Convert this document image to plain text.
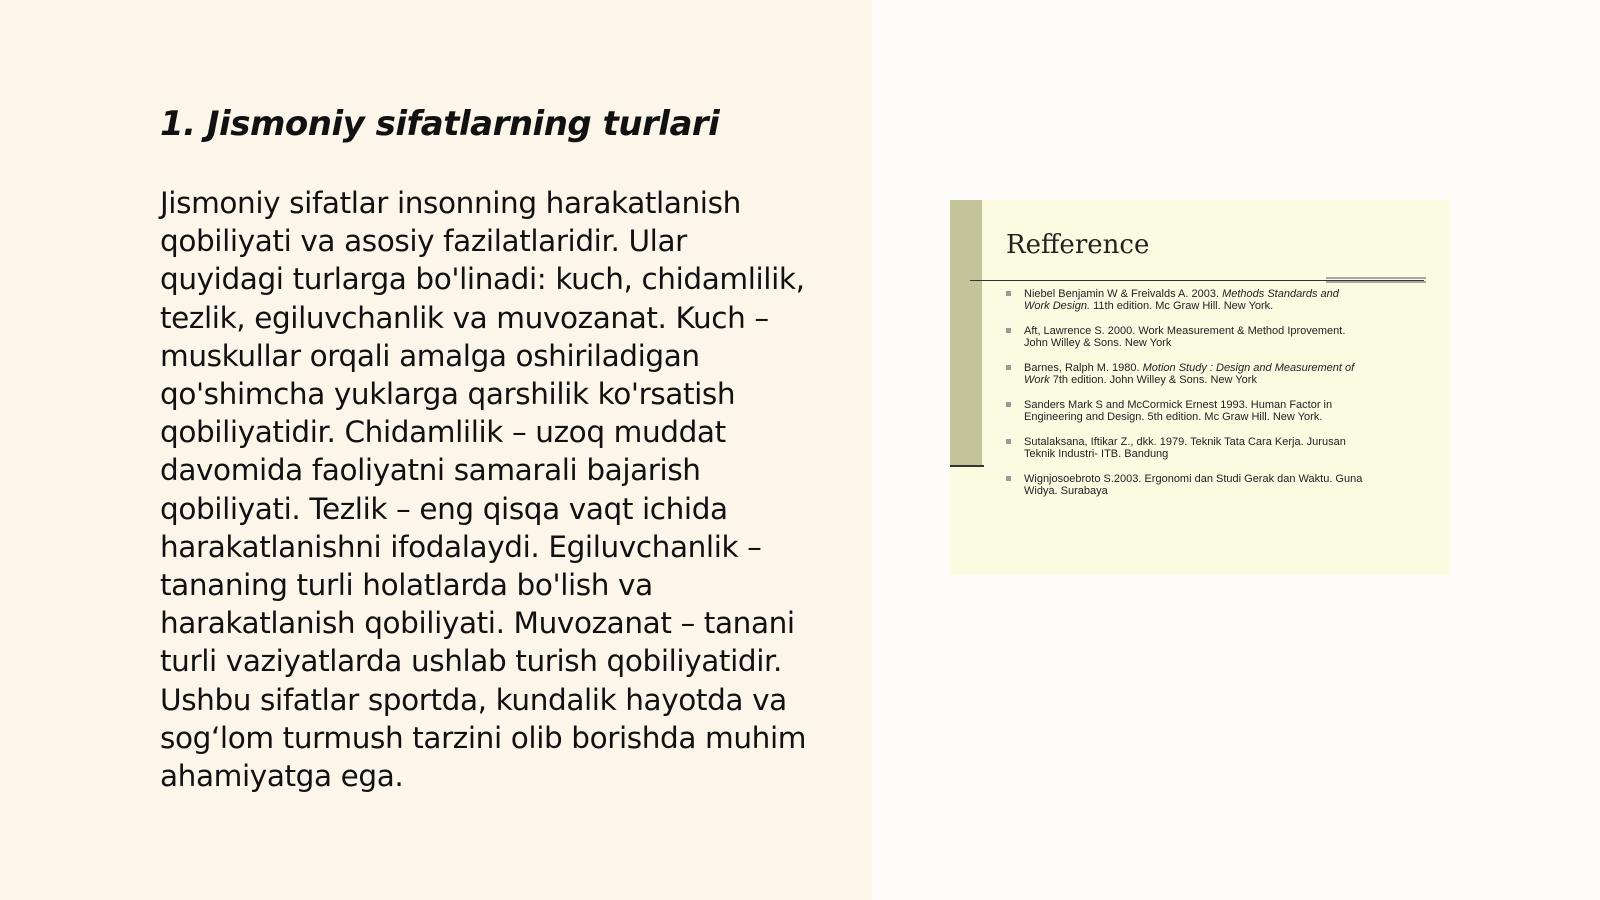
1. Jismoniy sifatlarning turlari

Jismoniy sifatlar insonning harakatlanish
qobiliyati va asosiy fazilatlaridir. Ular
quyidagi turlarga bo'linadi: kuch, chidamlilik,
tezlik, egiluvchanlik va muvozanat. Kuch –
muskullar orqali amalga oshiriladigan
qo'shimcha yuklarga qarshilik ko'rsatish
qobiliyatidir. Chidamlilik – uzoq muddat
davomida faoliyatni samarali bajarish
qobiliyati. Tezlik – eng qisqa vaqt ichida
harakatlanishni ifodalaydi. Egiluvchanlik –
tananing turli holatlarda bo'lish va
harakatlanish qobiliyati. Muvozanat – tanani
turli vaziyatlarda ushlab turish qobiliyatidir.
Ushbu sifatlar sportda, kundalik hayotda va
sog‘lom turmush tarzini olib borishda muhim
ahamiyatga ega.

Refference
Niebel Benjamin W & Freivalds A. 2003. Methods Standards and
Work Design. 11th edition. Mc Graw Hill. New York.
Aft, Lawrence S. 2000. Work Measurement & Method Iprovement.
John Willey & Sons. New York
Barnes, Ralph M. 1980. Motion Study : Design and Measurement of
Work 7th edition. John Willey & Sons. New York
Sanders Mark S and McCormick Ernest 1993. Human Factor in
Engineering and Design. 5th edition. Mc Graw Hill. New York.
Sutalaksana, Iftikar Z., dkk. 1979. Teknik Tata Cara Kerja. Jurusan
Teknik Industri- ITB. Bandung
Wignjosoebroto S.2003. Ergonomi dan Studi Gerak dan Waktu. Guna
Widya. Surabaya
